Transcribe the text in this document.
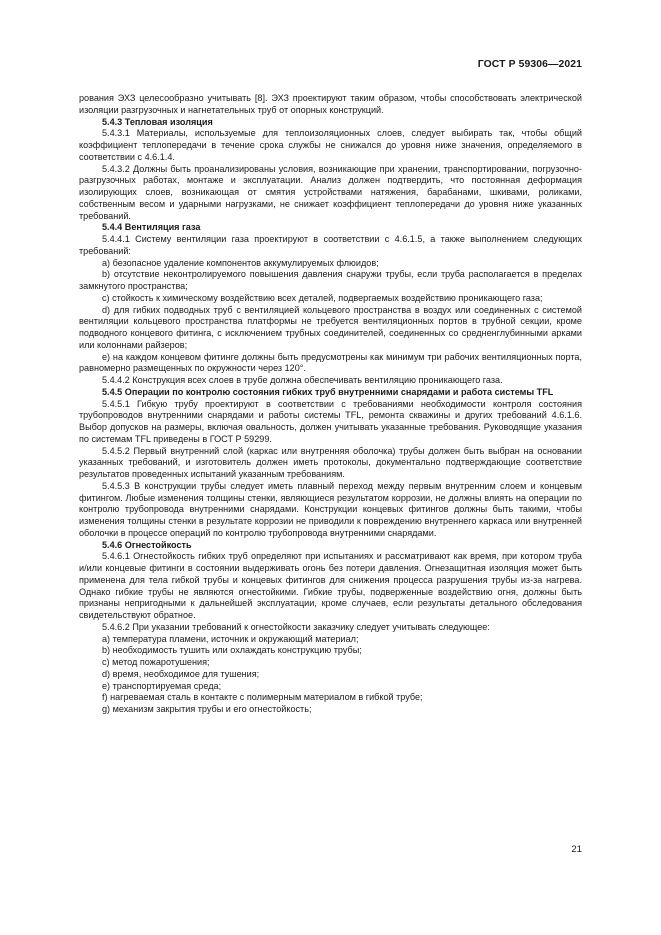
ГОСТ Р 59306—2021

рования ЭХЗ целесообразно учитывать [8]. ЭХЗ проектируют таким образом, чтобы способствовать электрической изоляции разгрузочных и нагнетательных труб от опорных конструкций.

5.4.3 Тепловая изоляция

5.4.3.1 Материалы, используемые для теплоизоляционных слоев, следует выбирать так, чтобы общий коэффициент теплопередачи в течение срока службы не снижался до уровня ниже значения, определяемого в соответствии с 4.6.1.4.

5.4.3.2 Должны быть проанализированы условия, возникающие при хранении, транспортировании, погрузочно-разгрузочных работах, монтаже и эксплуатации. Анализ должен подтвердить, что постоянная деформация изолирующих слоев, возникающая от смятия устройствами натяжения, барабанами, шкивами, роликами, собственным весом и ударными нагрузками, не снижает коэффициент теплопередачи до уровня ниже указанных требований.

5.4.4 Вентиляция газа

5.4.4.1 Систему вентиляции газа проектируют в соответствии с 4.6.1.5, а также выполнением следующих требований:

a) безопасное удаление компонентов аккумулируемых флюидов;

b) отсутствие неконтролируемого повышения давления снаружи трубы, если труба располагается в пределах замкнутого пространства;

c) стойкость к химическому воздействию всех деталей, подвергаемых воздействию проникающего газа;

d) для гибких подводных труб с вентиляцией кольцевого пространства в воздух или соединенных с системой вентиляции кольцевого пространства платформы не требуется вентиляционных портов в трубной секции, кроме подводного концевого фитинга, с исключением трубных соединителей, соединенных со средненглубинными арками или колоннами райзеров;

e) на каждом концевом фитинге должны быть предусмотрены как минимум три рабочих вентиляционных порта, равномерно размещенных по окружности через 120°.

5.4.4.2 Конструкция всех слоев в трубе должна обеспечивать вентиляцию проникающего газа.

5.4.5 Операции по контролю состояния гибких труб внутренними снарядами и работа системы TFL

5.4.5.1 Гибкую трубу проектируют в соответствии с требованиями необходимости контроля состояния трубопроводов внутренними снарядами и работы системы TFL, ремонта скважины и других требований 4.6.1.6. Выбор допусков на размеры, включая овальность, должен учитывать указанные требования. Руководящие указания по системам TFL приведены в ГОСТ Р 59299.

5.4.5.2 Первый внутренний слой (каркас или внутренняя оболочка) трубы должен быть выбран на основании указанных требований, и изготовитель должен иметь протоколы, документально подтверждающие соответствие результатов проведенных испытаний указанным требованиям.

5.4.5.3 В конструкции трубы следует иметь плавный переход между первым внутренним слоем и концевым фитингом. Любые изменения толщины стенки, являющиеся результатом коррозии, не должны влиять на операции по контролю трубопровода внутренними снарядами. Конструкции концевых фитингов должны быть такими, чтобы изменения толщины стенки в результате коррозии не приводили к повреждению внутреннего каркаса или внутренней оболочки в процессе операций по контролю трубопровода внутренними снарядами.

5.4.6 Огнестойкость

5.4.6.1 Огнестойкость гибких труб определяют при испытаниях и рассматривают как время, при котором труба и/или концевые фитинги в состоянии выдерживать огонь без потери давления. Огнезащитная изоляция может быть применена для тела гибкой трубы и концевых фитингов для снижения процесса разрушения трубы из-за нагрева. Однако гибкие трубы не являются огнестойкими. Гибкие трубы, подверженные воздействию огня, должны быть признаны непригодными к дальнейшей эксплуатации, кроме случаев, если результаты детального обследования свидетельствуют обратное.

5.4.6.2 При указании требований к огнестойкости заказчику следует учитывать следующее:

a) температура пламени, источник и окружающий материал;

b) необходимость тушить или охлаждать конструкцию трубы;

c) метод пожаротушения;

d) время, необходимое для тушения;

e) транспортируемая среда;

f) нагреваемая сталь в контакте с полимерным материалом в гибкой трубе;

g) механизм закрытия трубы и его огнестойкость;

21
